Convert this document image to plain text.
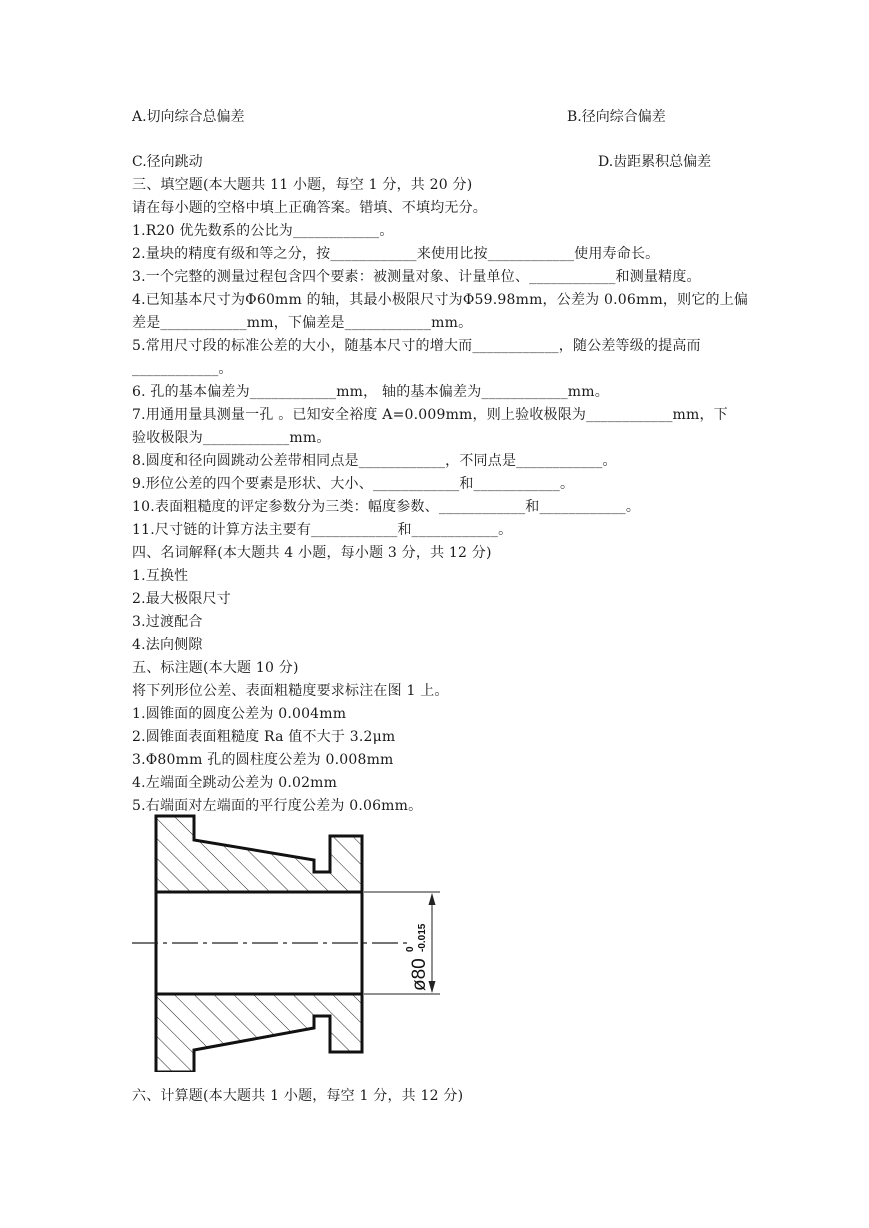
A.切向综合总偏差	B.径向综合偏差
C.径向跳动	D.齿距累积总偏差
三、填空题(本大题共 11 小题，每空 1 分，共 20 分)
请在每小题的空格中填上正确答案。错填、不填均无分。
1.R20 优先数系的公比为____________。
2.量块的精度有级和等之分，按____________来使用比按____________使用寿命长。
3.一个完整的测量过程包含四个要素：被测量对象、计量单位、____________和测量精度。
4.已知基本尺寸为Φ60mm 的轴，其最小极限尺寸为Φ59.98mm，公差为 0.06mm，则它的上偏
差是____________mm，下偏差是____________mm。
5.常用尺寸段的标准公差的大小，随基本尺寸的增大而____________，随公差等级的提高而
____________。
6. 孔的基本偏差为____________mm， 轴的基本偏差为____________mm。
7.用通用量具测量一孔 。已知安全裕度 A=0.009mm，则上验收极限为____________mm，下
验收极限为____________mm。
8.圆度和径向圆跳动公差带相同点是____________，不同点是____________。
9.形位公差的四个要素是形状、大小、____________和____________。
10.表面粗糙度的评定参数分为三类：幅度参数、____________和____________。
11.尺寸链的计算方法主要有____________和____________。
四、名词解释(本大题共 4 小题，每小题 3 分，共 12 分)
1.互换性
2.最大极限尺寸
3.过渡配合
4.法向侧隙
五、标注题(本大题 10 分)
将下列形位公差、表面粗糙度要求标注在图 1 上。
1.圆锥面的圆度公差为 0.004mm
2.圆锥面表面粗糙度 Ra 值不大于 3.2μm
3.Φ80mm 孔的圆柱度公差为 0.008mm
4.左端面全跳动公差为 0.02mm
5.右端面对左端面的平行度公差为 0.06mm。
ø80
0 -0.015
六、计算题(本大题共 1 小题，每空 1 分，共 12 分)
